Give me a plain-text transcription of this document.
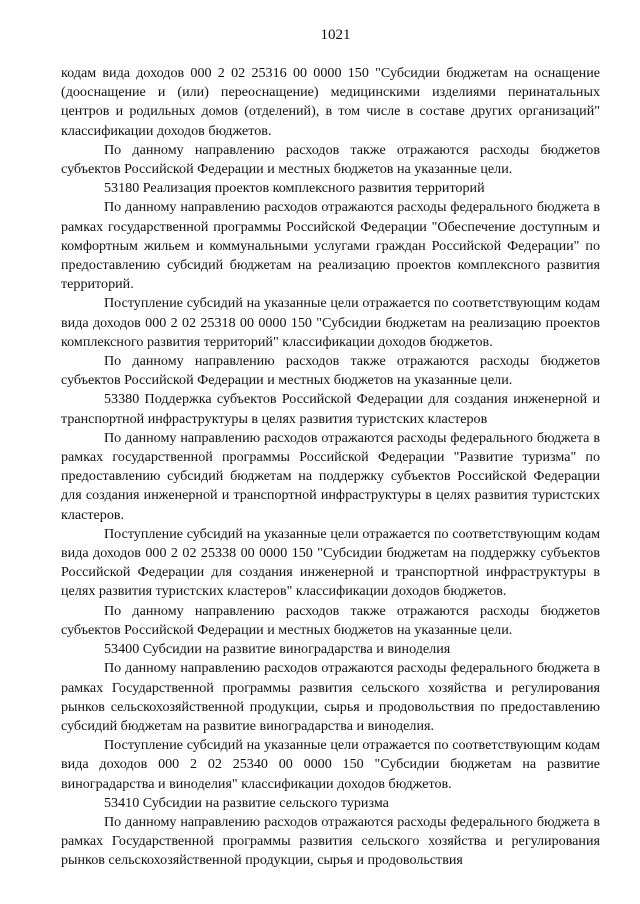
1021

кодам вида доходов 000 2 02 25316 00 0000 150 "Субсидии бюджетам на оснащение (дооснащение и (или) переоснащение) медицинскими изделиями перинатальных центров и родильных домов (отделений), в том числе в составе других организаций" классификации доходов бюджетов.

По данному направлению расходов также отражаются расходы бюджетов субъектов Российской Федерации и местных бюджетов на указанные цели.

53180 Реализация проектов комплексного развития территорий

По данному направлению расходов отражаются расходы федерального бюджета в рамках государственной программы Российской Федерации "Обеспечение доступным и комфортным жильем и коммунальными услугами граждан Российской Федерации" по предоставлению субсидий бюджетам на реализацию проектов комплексного развития территорий.

Поступление субсидий на указанные цели отражается по соответствующим кодам вида доходов 000 2 02 25318 00 0000 150 "Субсидии бюджетам на реализацию проектов комплексного развития территорий" классификации доходов бюджетов.

По данному направлению расходов также отражаются расходы бюджетов субъектов Российской Федерации и местных бюджетов на указанные цели.

53380 Поддержка субъектов Российской Федерации для создания инженерной и транспортной инфраструктуры в целях развития туристских кластеров

По данному направлению расходов отражаются расходы федерального бюджета в рамках государственной программы Российской Федерации "Развитие туризма" по предоставлению субсидий бюджетам на поддержку субъектов Российской Федерации для создания инженерной и транспортной инфраструктуры в целях развития туристских кластеров.

Поступление субсидий на указанные цели отражается по соответствующим кодам вида доходов 000 2 02 25338 00 0000 150 "Субсидии бюджетам на поддержку субъектов Российской Федерации для создания инженерной и транспортной инфраструктуры в целях развития туристских кластеров" классификации доходов бюджетов.

По данному направлению расходов также отражаются расходы бюджетов субъектов Российской Федерации и местных бюджетов на указанные цели.

53400 Субсидии на развитие виноградарства и виноделия

По данному направлению расходов отражаются расходы федерального бюджета в рамках Государственной программы развития сельского хозяйства и регулирования рынков сельскохозяйственной продукции, сырья и продовольствия по предоставлению субсидий бюджетам на развитие виноградарства и виноделия.

Поступление субсидий на указанные цели отражается по соответствующим кодам вида доходов 000 2 02 25340 00 0000 150 "Субсидии бюджетам на развитие виноградарства и виноделия" классификации доходов бюджетов.

53410 Субсидии на развитие сельского туризма

По данному направлению расходов отражаются расходы федерального бюджета в рамках Государственной программы развития сельского хозяйства и регулирования рынков сельскохозяйственной продукции, сырья и продовольствия
